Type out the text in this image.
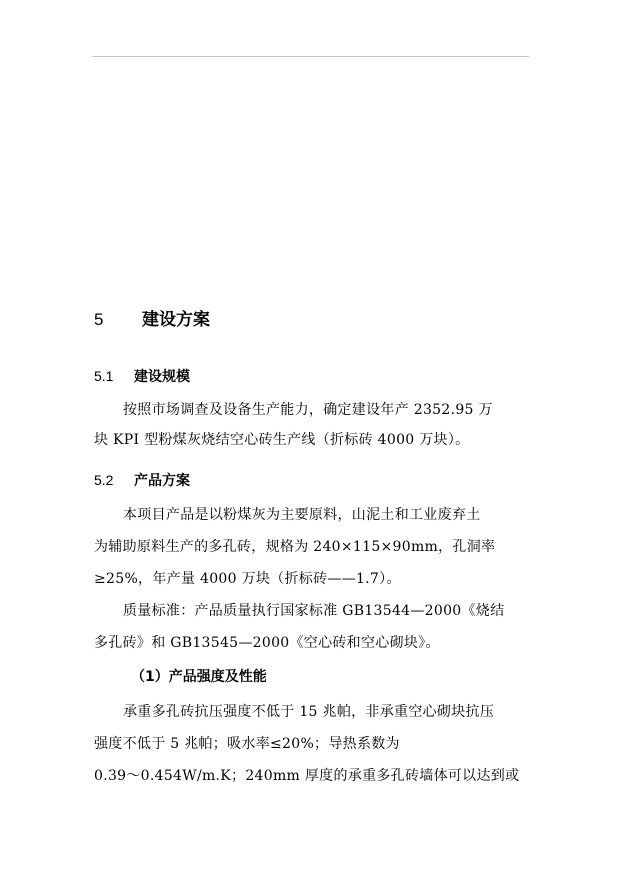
5 建设方案
5.1 建设规模
按照市场调查及设备生产能力，确定建设年产 2352.95 万
块 KPI 型粉煤灰烧结空心砖生产线（折标砖 4000 万块）。
5.2 产品方案
本项目产品是以粉煤灰为主要原料，山泥土和工业废弃土
为辅助原料生产的多孔砖，规格为 240×115×90mm，孔洞率
≥25%，年产量 4000 万块（折标砖——1.7）。
质量标准：产品质量执行国家标准 GB13544—2000《烧结
多孔砖》和 GB13545—2000《空心砖和空心砌块》。
（1）产品强度及性能
承重多孔砖抗压强度不低于 15 兆帕，非承重空心砌块抗压
强度不低于 5 兆帕；吸水率≤20%；导热系数为
0.39～0.454W/m.K；240mm 厚度的承重多孔砖墙体可以达到或
